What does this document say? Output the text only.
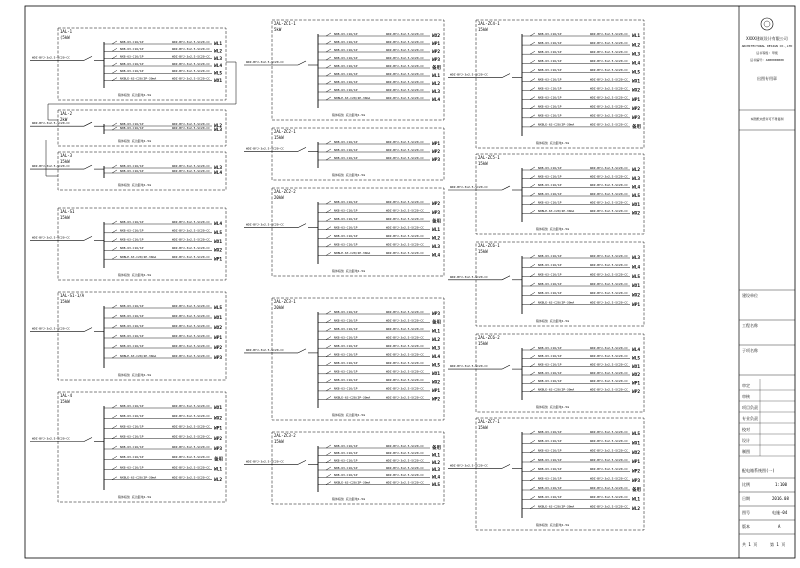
1AL-1
(5kW
WDZ-BYJ-3x2.5-SC20-CC
NXB-63-C16/1P	WDZ-BYJ-3x2.5-SC20-CC
WL1
NXB-63-C16/1P	WDZ-BYJ-3x2.5-SC20-CC
WL2
NXB-63-C16/1P	WDZ-BYJ-3x2.5-SC20-CC
WL3
NXB-63-C16/1P	WDZ-BYJ-3x2.5-SC20-CC
WL4
NXB-63-C16/1P	WDZ-BYJ-3x2.5-SC20-CC
WL5
NXBLE-63-C20/2P-30mA	WDZ-BYJ-3x2.5-SC20-CC
WX1
箱体暗装 底边距地1.5m
1AL-2
2kW
WDZ-BYJ-3x2.5-SC20-CC	NXB-63-C16/1P	WDZ-BYJ-3x2.5-SC20-CC
WL2
NXB-63-C16/1P	WDZ-BYJ-3x2.5-SC20-CC
WL3
箱体暗装 底边距地1.5m
1AL-3
15kW
WDZ-BYJ-3x2.5-SC20-CC	NXB-63-C16/1P	WDZ-BYJ-3x2.5-SC20-CC
WL3
NXB-63-C16/1P	WDZ-BYJ-3x2.5-SC20-CC
WL4
箱体暗装 底边距地1.5m
1AL-S1
15kW
WDZ-BYJ-3x2.5-SC20-CC
NXB-63-C16/1P	WDZ-BYJ-3x2.5-SC20-CC
WL4
NXB-63-C16/1P	WDZ-BYJ-3x2.5-SC20-CC
WL5
NXB-63-C16/1P	WDZ-BYJ-3x2.5-SC20-CC
WX1
NXB-63-C16/1P	WDZ-BYJ-3x2.5-SC20-CC
WX2
NXBLE-63-C20/2P-30mA	WDZ-BYJ-3x2.5-SC20-CC
WP1
箱体暗装 底边距地1.5m
1AL-S1-1/A
15kW
WDZ-BYJ-3x2.5-SC20-CC
NXB-63-C16/1P	WDZ-BYJ-3x2.5-SC20-CC
WL5
NXB-63-C16/1P	WDZ-BYJ-3x2.5-SC20-CC
WX1
NXB-63-C16/1P	WDZ-BYJ-3x2.5-SC20-CC
WX2
NXB-63-C16/1P	WDZ-BYJ-3x2.5-SC20-CC
WP1
NXB-63-C16/1P	WDZ-BYJ-3x2.5-SC20-CC
WP2
NXBLE-63-C20/2P-30mA	WDZ-BYJ-3x2.5-SC20-CC
WP3
箱体暗装 底边距地1.5m
1AL-4
15kW
WDZ-BYJ-3x2.5-SC20-CC
NXB-63-C16/1P	WDZ-BYJ-3x2.5-SC20-CC
WX1
NXB-63-C16/1P	WDZ-BYJ-3x2.5-SC20-CC
WX2
NXB-63-C16/1P	WDZ-BYJ-3x2.5-SC20-CC
WP1
NXB-63-C16/1P	WDZ-BYJ-3x2.5-SC20-CC
WP2
NXB-63-C16/1P	WDZ-BYJ-3x2.5-SC20-CC
WP3
NXB-63-C16/1P	WDZ-BYJ-3x2.5-SC20-CC
备用
NXB-63-C16/1P	WDZ-BYJ-3x2.5-SC20-CC
WL1
NXBLE-63-C20/2P-30mA	WDZ-BYJ-3x2.5-SC20-CC
WL2
箱体暗装 底边距地1.5m
2AL-ZC1-1
5kW
WDZ-BYJ-3x2.5-SC20-CC
NXB-63-C16/1P	WDZ-BYJ-3x2.5-SC20-CC
WX2
NXB-63-C16/1P	WDZ-BYJ-3x2.5-SC20-CC
WP1
NXB-63-C16/1P	WDZ-BYJ-3x2.5-SC20-CC
WP2
NXB-63-C16/1P	WDZ-BYJ-3x2.5-SC20-CC
WP3
NXB-63-C16/1P	WDZ-BYJ-3x2.5-SC20-CC
备用
NXB-63-C16/1P	WDZ-BYJ-3x2.5-SC20-CC
WL1
NXB-63-C16/1P	WDZ-BYJ-3x2.5-SC20-CC
WL2
NXB-63-C16/1P	WDZ-BYJ-3x2.5-SC20-CC
WL3
NXBLE-63-C20/2P-30mA	WDZ-BYJ-3x2.5-SC20-CC
WL4
箱体暗装 底边距地1.5m
2AL-ZC2-1
15kW
WDZ-BYJ-3x2.5-SC20-CC
NXB-63-C16/1P	WDZ-BYJ-3x2.5-SC20-CC
WP1
NXB-63-C16/1P	WDZ-BYJ-3x2.5-SC20-CC
WP2
NXB-63-C16/1P	WDZ-BYJ-3x2.5-SC20-CC
WP3
箱体暗装 底边距地1.5m
2AL-ZC2-2
20kW
WDZ-BYJ-3x2.5-SC20-CC
NXB-63-C16/1P	WDZ-BYJ-3x2.5-SC20-CC
WP2
NXB-63-C16/1P	WDZ-BYJ-3x2.5-SC20-CC
WP3
NXB-63-C16/1P	WDZ-BYJ-3x2.5-SC20-CC
备用
NXB-63-C16/1P	WDZ-BYJ-3x2.5-SC20-CC
WL1
NXB-63-C16/1P	WDZ-BYJ-3x2.5-SC20-CC
WL2
NXB-63-C16/1P	WDZ-BYJ-3x2.5-SC20-CC
WL3
NXBLE-63-C20/2P-30mA	WDZ-BYJ-3x2.5-SC20-CC
WL4
箱体暗装 底边距地1.5m
2AL-ZC3-1
20kW
WDZ-BYJ-3x2.5-SC20-CC
NXB-63-C16/1P	WDZ-BYJ-3x2.5-SC20-CC
WP3
NXB-63-C16/1P	WDZ-BYJ-3x2.5-SC20-CC
备用
NXB-63-C16/1P	WDZ-BYJ-3x2.5-SC20-CC
WL1
NXB-63-C16/1P	WDZ-BYJ-3x2.5-SC20-CC
WL2
NXB-63-C16/1P	WDZ-BYJ-3x2.5-SC20-CC
WL3
NXB-63-C16/1P	WDZ-BYJ-3x2.5-SC20-CC
WL4
NXB-63-C16/1P	WDZ-BYJ-3x2.5-SC20-CC
WL5
NXB-63-C16/1P	WDZ-BYJ-3x2.5-SC20-CC
WX1
NXB-63-C16/1P	WDZ-BYJ-3x2.5-SC20-CC
WX2
NXB-63-C16/1P	WDZ-BYJ-3x2.5-SC20-CC
WP1
NXBLE-63-C20/2P-30mA	WDZ-BYJ-3x2.5-SC20-CC
WP2
箱体暗装 底边距地1.5m
2AL-ZC3-2
15kW
WDZ-BYJ-3x2.5-SC20-CC
NXB-63-C16/1P	WDZ-BYJ-3x2.5-SC20-CC
备用
NXB-63-C16/1P	WDZ-BYJ-3x2.5-SC20-CC
WL1
NXB-63-C16/1P	WDZ-BYJ-3x2.5-SC20-CC
WL2
NXB-63-C16/1P	WDZ-BYJ-3x2.5-SC20-CC
WL3
NXB-63-C16/1P	WDZ-BYJ-3x2.5-SC20-CC
WL4
NXBLE-63-C20/2P-30mA	WDZ-BYJ-3x2.5-SC20-CC
WL5
箱体暗装 底边距地1.5m
2AL-ZC4-1
15kW
WDZ-BYJ-3x2.5-SC20-CC
NXB-63-C16/1P	WDZ-BYJ-3x2.5-SC20-CC
WL1
NXB-63-C16/1P	WDZ-BYJ-3x2.5-SC20-CC
WL2
NXB-63-C16/1P	WDZ-BYJ-3x2.5-SC20-CC
WL3
NXB-63-C16/1P	WDZ-BYJ-3x2.5-SC20-CC
WL4
NXB-63-C16/1P	WDZ-BYJ-3x2.5-SC20-CC
WL5
NXB-63-C16/1P	WDZ-BYJ-3x2.5-SC20-CC
WX1
NXB-63-C16/1P	WDZ-BYJ-3x2.5-SC20-CC
WX2
NXB-63-C16/1P	WDZ-BYJ-3x2.5-SC20-CC
WP1
NXB-63-C16/1P	WDZ-BYJ-3x2.5-SC20-CC
WP2
NXB-63-C16/1P	WDZ-BYJ-3x2.5-SC20-CC
WP3
NXBLE-63-C20/2P-30mA	WDZ-BYJ-3x2.5-SC20-CC
备用
箱体暗装 底边距地1.5m
2AL-ZC5-1
15kW
WDZ-BYJ-3x2.5-SC20-CC
NXB-63-C16/1P	WDZ-BYJ-3x2.5-SC20-CC
WL2
NXB-63-C16/1P	WDZ-BYJ-3x2.5-SC20-CC
WL3
NXB-63-C16/1P	WDZ-BYJ-3x2.5-SC20-CC
WL4
NXB-63-C16/1P	WDZ-BYJ-3x2.5-SC20-CC
WL5
NXB-63-C16/1P	WDZ-BYJ-3x2.5-SC20-CC
WX1
NXBLE-63-C20/2P-30mA	WDZ-BYJ-3x2.5-SC20-CC
WX2
箱体暗装 底边距地1.5m
2AL-ZC6-1
15kW
WDZ-BYJ-3x2.5-SC20-CC
NXB-63-C16/1P	WDZ-BYJ-3x2.5-SC20-CC
WL3
NXB-63-C16/1P	WDZ-BYJ-3x2.5-SC20-CC
WL4
NXB-63-C16/1P	WDZ-BYJ-3x2.5-SC20-CC
WL5
NXB-63-C16/1P	WDZ-BYJ-3x2.5-SC20-CC
WX1
NXB-63-C16/1P	WDZ-BYJ-3x2.5-SC20-CC
WX2
NXBLE-63-C20/2P-30mA	WDZ-BYJ-3x2.5-SC20-CC
WP1
箱体暗装 底边距地1.5m
2AL-ZC6-2
15kW
WDZ-BYJ-3x2.5-SC20-CC
NXB-63-C16/1P	WDZ-BYJ-3x2.5-SC20-CC
WL4
NXB-63-C16/1P	WDZ-BYJ-3x2.5-SC20-CC
WL5
NXB-63-C16/1P	WDZ-BYJ-3x2.5-SC20-CC
WX1
NXB-63-C16/1P	WDZ-BYJ-3x2.5-SC20-CC
WX2
NXB-63-C16/1P	WDZ-BYJ-3x2.5-SC20-CC
WP1
NXBLE-63-C20/2P-30mA	WDZ-BYJ-3x2.5-SC20-CC
WP2
箱体暗装 底边距地1.5m
2AL-ZC7-1
15kW
WDZ-BYJ-3x2.5-SC20-CC
NXB-63-C16/1P	WDZ-BYJ-3x2.5-SC20-CC
WL5
NXB-63-C16/1P	WDZ-BYJ-3x2.5-SC20-CC
WX1
NXB-63-C16/1P	WDZ-BYJ-3x2.5-SC20-CC
WX2
NXB-63-C16/1P	WDZ-BYJ-3x2.5-SC20-CC
WP1
NXB-63-C16/1P	WDZ-BYJ-3x2.5-SC20-CC
WP2
NXB-63-C16/1P	WDZ-BYJ-3x2.5-SC20-CC
WP3
NXB-63-C16/1P	WDZ-BYJ-3x2.5-SC20-CC
备用
NXB-63-C16/1P	WDZ-BYJ-3x2.5-SC20-CC
WL1
NXBLE-63-C20/2P-30mA	WDZ-BYJ-3x2.5-SC20-CC
WL2
箱体暗装 底边距地1.5m
XXXX建筑设计有限公司
ARCHITECTURAL DESIGN CO.,LTD
证书等级: 甲级
证书编号: A000000000
出图专用章
本图纸未经许可不得复制
建设单位
工程名称
子项名称
审定
审核
项目负责
专业负责
校对
设计
制图
配电箱系统图(一)
比例	1:100
日期	2016.08
图号	电施-04
版本	A
共 1 页	第 1 页
